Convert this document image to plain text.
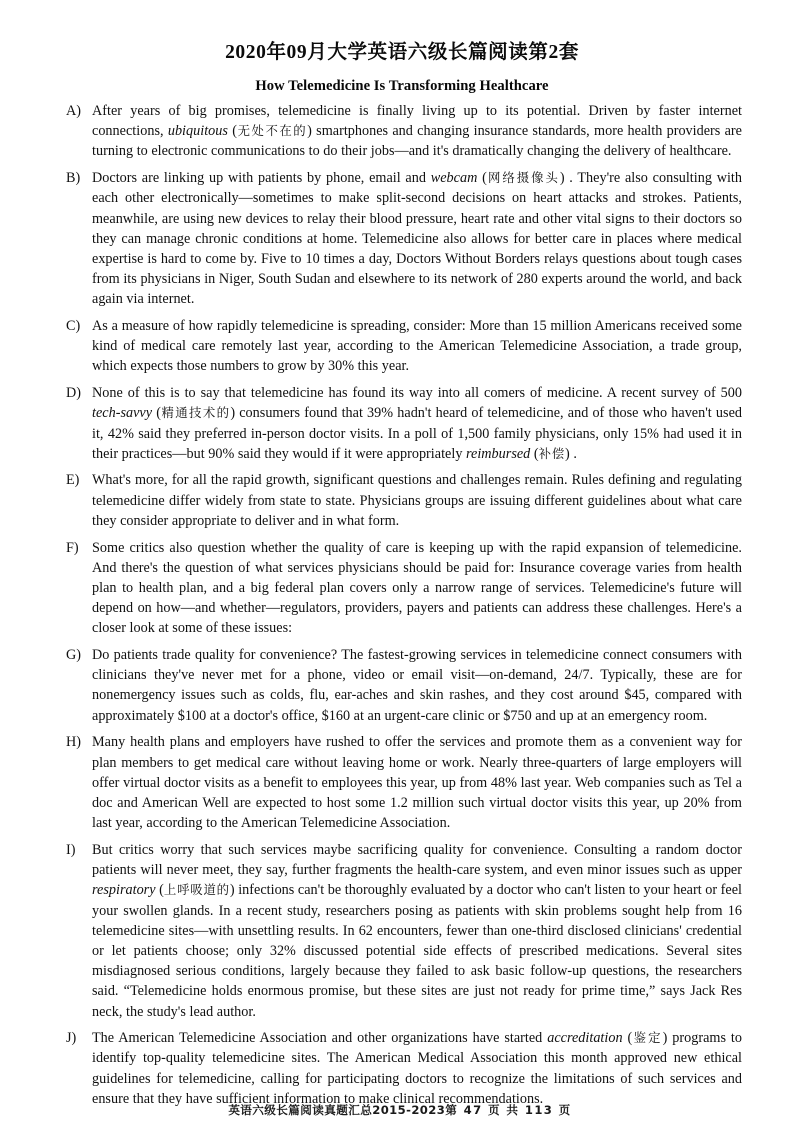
2020年09月大学英语六级长篇阅读第2套
How Telemedicine Is Transforming Healthcare
A) After years of big promises, telemedicine is finally living up to its potential. Driven by faster internet connections, ubiquitous (无处不在的) smartphones and changing insurance standards, more health providers are turning to electronic communications to do their jobs—and it's dramatically changing the delivery of healthcare.
B) Doctors are linking up with patients by phone, email and webcam (网络摄像头) . They're also consulting with each other electronically—sometimes to make split-second decisions on heart attacks and strokes. Patients, meanwhile, are using new devices to relay their blood pressure, heart rate and other vital signs to their doctors so they can manage chronic conditions at home. Telemedicine also allows for better care in places where medical expertise is hard to come by. Five to 10 times a day, Doctors Without Borders relays questions about tough cases from its physicians in Niger, South Sudan and elsewhere to its network of 280 experts around the world, and back again via internet.
C) As a measure of how rapidly telemedicine is spreading, consider: More than 15 million Americans received some kind of medical care remotely last year, according to the American Telemedicine Association, a trade group, which expects those numbers to grow by 30% this year.
D) None of this is to say that telemedicine has found its way into all comers of medicine. A recent survey of 500 tech-savvy (精通技术的) consumers found that 39% hadn't heard of telemedicine, and of those who haven't used it, 42% said they preferred in-person doctor visits. In a poll of 1,500 family physicians, only 15% had used it in their practices—but 90% said they would if it were appropriately reimbursed (补偿) .
E) What's more, for all the rapid growth, significant questions and challenges remain. Rules defining and regulating telemedicine differ widely from state to state. Physicians groups are issuing different guidelines about what care they consider appropriate to deliver and in what form.
F) Some critics also question whether the quality of care is keeping up with the rapid expansion of telemedicine. And there's the question of what services physicians should be paid for: Insurance coverage varies from health plan to health plan, and a big federal plan covers only a narrow range of services. Telemedicine's future will depend on how—and whether—regulators, providers, payers and patients can address these challenges. Here's a closer look at some of these issues:
G) Do patients trade quality for convenience? The fastest-growing services in telemedicine connect consumers with clinicians they've never met for a phone, video or email visit—on-demand, 24/7. Typically, these are for nonemergency issues such as colds, flu, ear-aches and skin rashes, and they cost around $45, compared with approximately $100 at a doctor's office, $160 at an urgent-care clinic or $750 and up at an emergency room.
H) Many health plans and employers have rushed to offer the services and promote them as a convenient way for plan members to get medical care without leaving home or work. Nearly three-quarters of large employers will offer virtual doctor visits as a benefit to employees this year, up from 48% last year. Web companies such as Tel a doc and American Well are expected to host some 1.2 million such virtual doctor visits this year, up 20% from last year, according to the American Telemedicine Association.
I)	But critics worry that such services maybe sacrificing quality for convenience. Consulting a random doctor patients will never meet, they say, further fragments the health-care system, and even minor issues such as upper respiratory (上呼吸道的) infections can't be thoroughly evaluated by a doctor who can't listen to your heart or feel your swollen glands. In a recent study, researchers posing as patients with skin problems sought help from 16 telemedicine sites—with unsettling results. In 62 encounters, fewer than one-third disclosed clinicians' credential or let patients choose; only 32% discussed potential side effects of prescribed medications. Several sites misdiagnosed serious conditions, largely because they failed to ask basic follow-up questions, the researchers said. “Telemedicine holds enormous promise, but these sites are just not ready for prime time,” says Jack Res neck, the study's lead author.
J)	The American Telemedicine Association and other organizations have started accreditation (鉴定) programs to identify top-quality telemedicine sites. The American Medical Association this month approved new ethical guidelines for telemedicine, calling for participating doctors to recognize the limitations of such services and ensure that they have sufficient information to make clinical recommendations.
英语六级长篇阅读真题汇总2015-2023第 47 页 共 113 页
